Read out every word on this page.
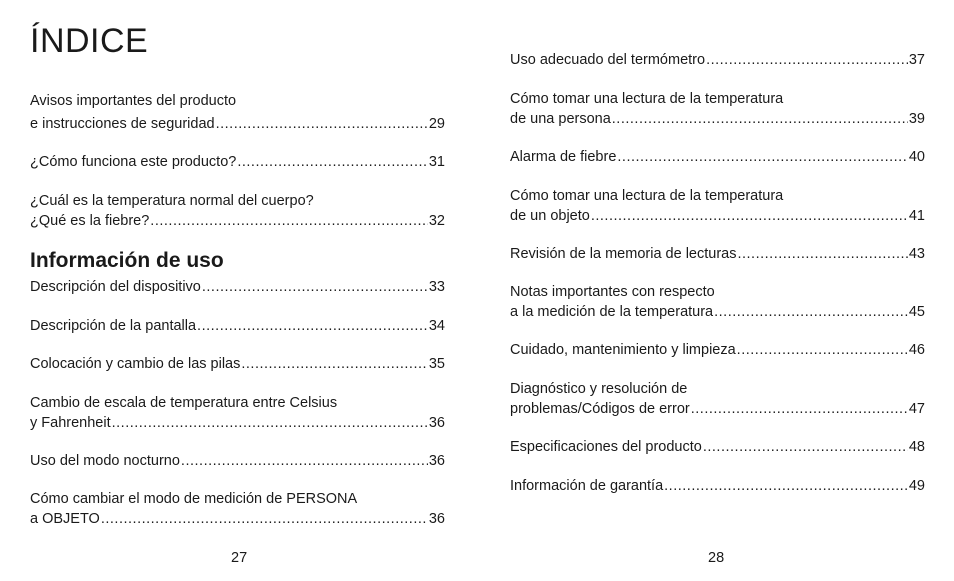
ÍNDICE
Avisos importantes del producto
e instrucciones de seguridad .....	29
¿Cómo funciona este producto? .....	31
¿Cuál es la temperatura normal del cuerpo?
¿Qué es la fiebre? .....	32
Información de uso
Descripción del dispositivo .....	33
Descripción de la pantalla .....	34
Colocación y cambio de las pilas .....	35
Cambio de escala de temperatura entre Celsius
y Fahrenheit .....	36
Uso del modo nocturno .....	36
Cómo cambiar el modo de medición de PERSONA
a OBJETO .....	36
27
Uso adecuado del termómetro .....	37
Cómo tomar una lectura de la temperatura
de una persona .....	39
Alarma de fiebre .....	40
Cómo tomar una lectura de la temperatura
de un objeto .....	41
Revisión de la memoria de lecturas .....	43
Notas importantes con respecto
a la medición de la temperatura .....	45
Cuidado, mantenimiento y limpieza .....	46
Diagnóstico y resolución de
problemas/Códigos de error .....	47
Especificaciones del producto .....	48
Información de garantía .....	49
28
